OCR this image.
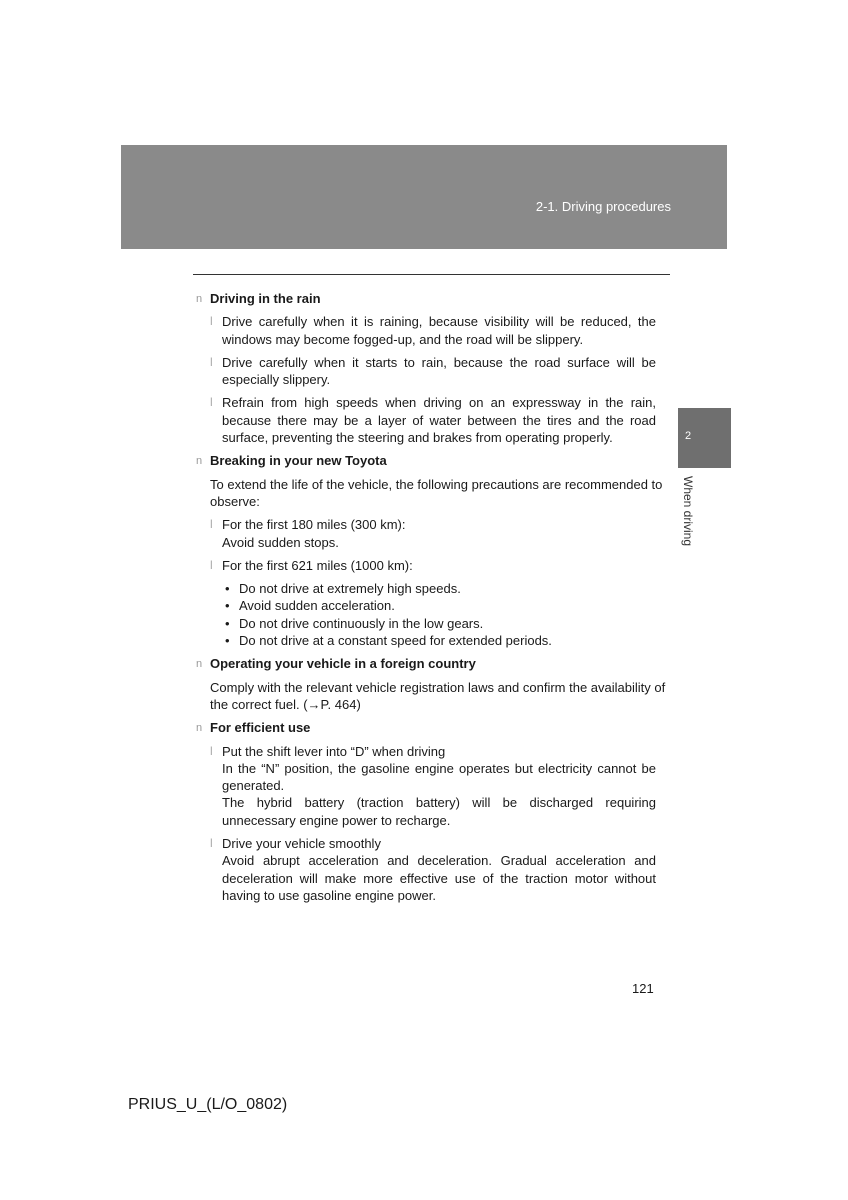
2-1. Driving procedures
2
When driving
n Driving in the rain
l Drive carefully when it is raining, because visibility will be reduced, the windows may become fogged-up, and the road will be slippery.
l Drive carefully when it starts to rain, because the road surface will be especially slippery.
l Refrain from high speeds when driving on an expressway in the rain, because there may be a layer of water between the tires and the road surface, preventing the steering and brakes from operating properly.
n Breaking in your new Toyota
To extend the life of the vehicle, the following precautions are recommended to observe:
l For the first 180 miles (300 km):
Avoid sudden stops.
l For the first 621 miles (1000 km):
• Do not drive at extremely high speeds.
• Avoid sudden acceleration.
• Do not drive continuously in the low gears.
• Do not drive at a constant speed for extended periods.
n Operating your vehicle in a foreign country
Comply with the relevant vehicle registration laws and confirm the availability of the correct fuel. (→P. 464)
n For efficient use
l Put the shift lever into “D” when driving
In the “N” position, the gasoline engine operates but electricity cannot be generated.
The hybrid battery (traction battery) will be discharged requiring unnecessary engine power to recharge.
l Drive your vehicle smoothly
Avoid abrupt acceleration and deceleration. Gradual acceleration and deceleration will make more effective use of the traction motor without having to use gasoline engine power.
121
PRIUS_U_(L/O_0802)
